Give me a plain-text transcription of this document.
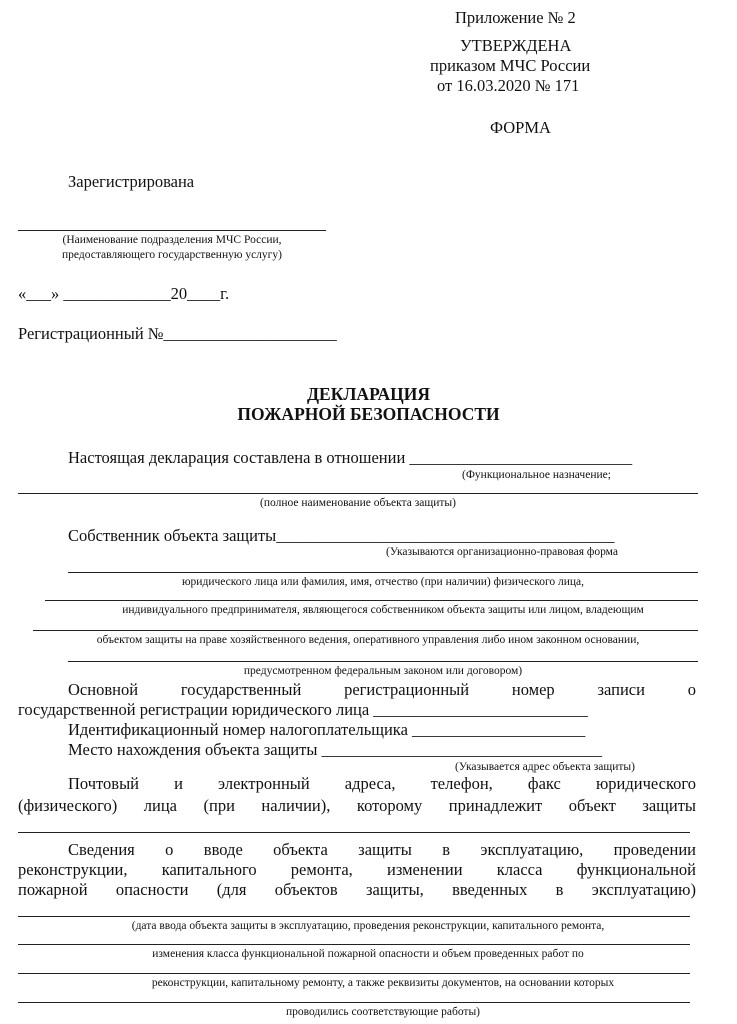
Приложение № 2
УТВЕРЖДЕНА
приказом МЧС России
от 16.03.2020 № 171
ФОРМА
Зарегистрирована
(Наименование подразделения МЧС России,
предоставляющего государственную услугу)
«___» _____________20____г.
Регистрационный №_____________________
ДЕКЛАРАЦИЯ
ПОЖАРНОЙ БЕЗОПАСНОСТИ
Настоящая декларация составлена в отношении ___________________________
(Функциональное назначение;
(полное наименование объекта защиты)
Собственник объекта защиты_________________________________________
(Указываются организационно-правовая форма
юридического лица или фамилия, имя, отчество (при наличии) физического лица,
индивидуального предпринимателя, являющегося собственником объекта защиты или лицом, владеющим
объектом защиты на праве хозяйственного ведения, оперативного управления либо ином законном основании,
предусмотренном федеральным законом или договором)
Основной государственный регистрационный номер записи о
государственной регистрации юридического лица __________________________
Идентификационный номер налогоплательщика _____________________
Место нахождения объекта защиты __________________________________
(Указывается адрес объекта защиты)
Почтовый и электронный адреса, телефон, факс юридического
(физического) лица (при наличии), которому принадлежит объект защиты
Сведения о вводе объекта защиты в эксплуатацию, проведении
реконструкции, капитального ремонта, изменении класса функциональной
пожарной опасности (для объектов защиты, введенных в эксплуатацию)
(дата ввода объекта защиты в эксплуатацию, проведения реконструкции, капитального ремонта,
изменения класса функциональной пожарной опасности и объем проведенных работ по
реконструкции, капитальному ремонту, а также реквизиты документов, на основании которых
проводились соответствующие работы)
